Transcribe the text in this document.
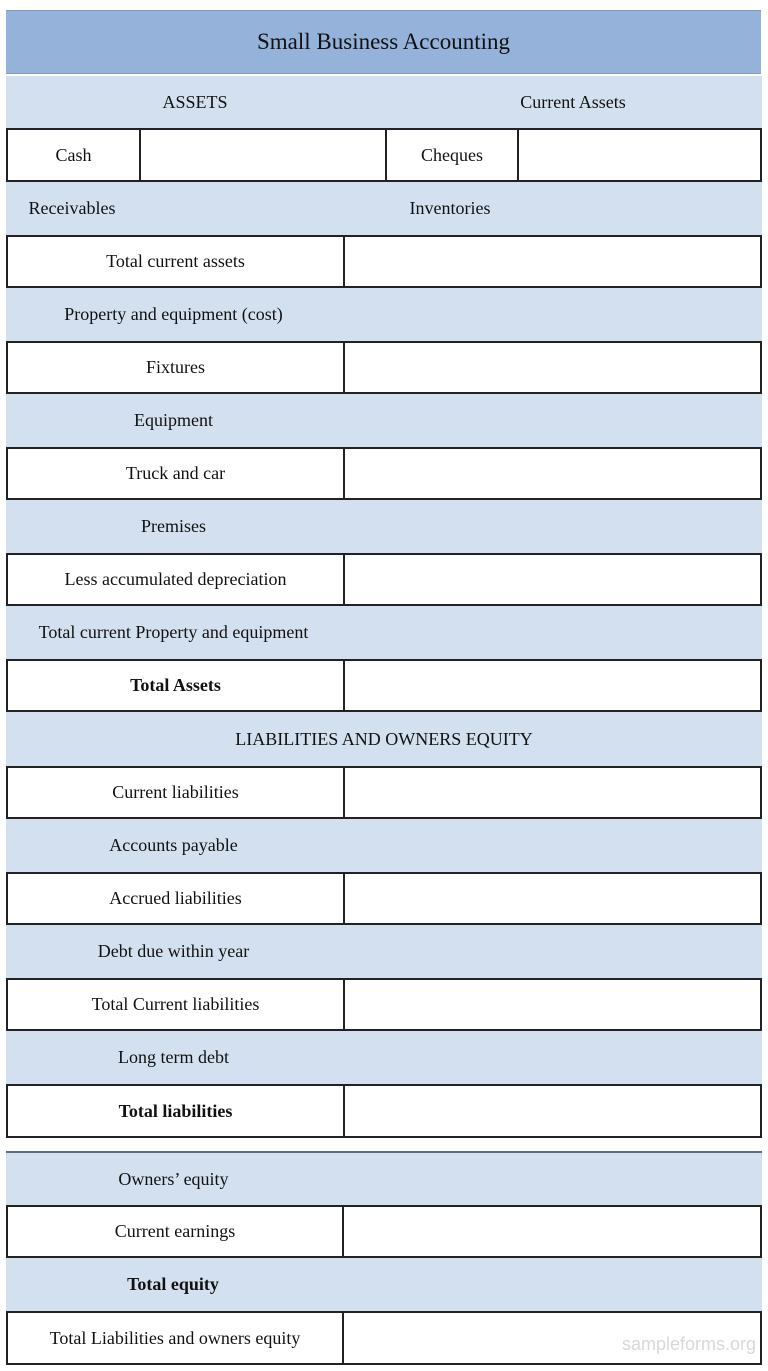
Small Business Accounting
ASSETS	Current Assets
Cash	Cheques
Receivables	Inventories
Total current assets
Property and equipment (cost)
Fixtures
Equipment
Truck and car
Premises
Less accumulated depreciation
Total current Property and equipment
Total Assets
LIABILITIES AND OWNERS EQUITY
Current liabilities
Accounts payable
Accrued liabilities
Debt due within year
Total Current liabilities
Long term debt
Total liabilities
Owners’ equity
Current earnings
Total equity
Total Liabilities and owners equity	sampleforms.org
